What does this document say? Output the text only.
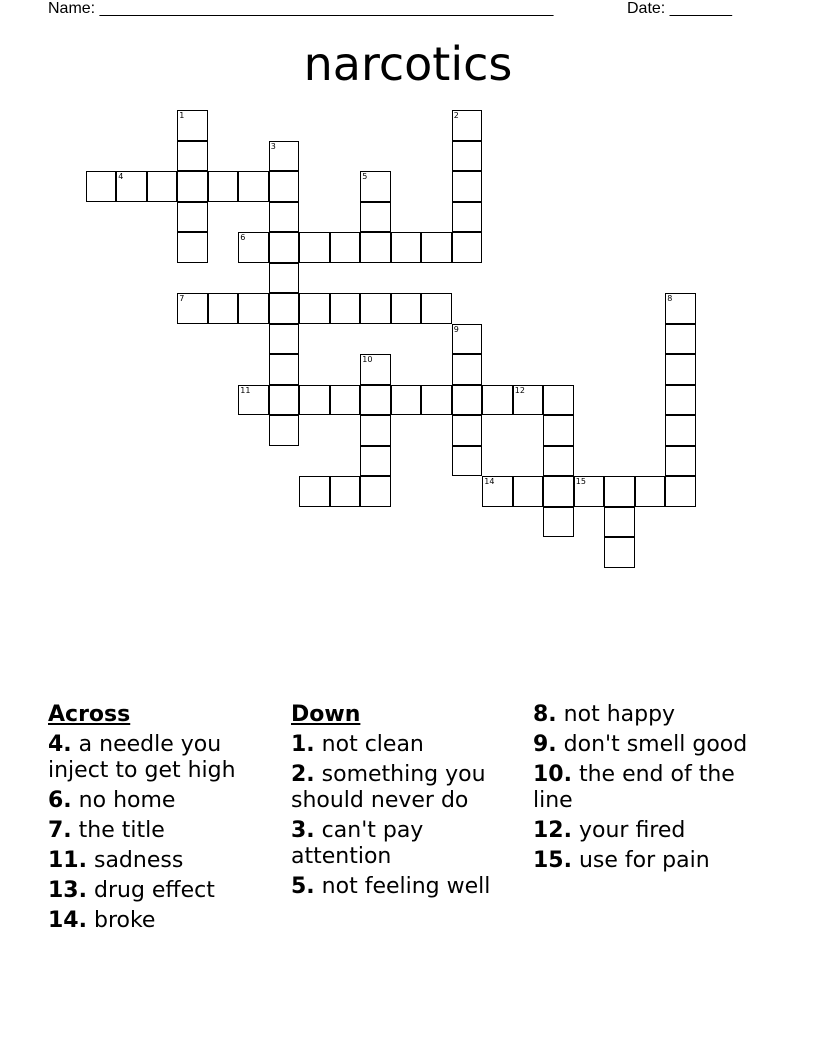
Name: ___________________________________________________	Date: _______
narcotics
1	2
3
4	5
6
7	8
9
10
11	12
14	15
Across
4. a needle you inject to get high
6. no home
7. the title
11. sadness
13. drug effect
14. broke
Down
1. not clean
2. something you should never do
3. can't pay attention
5. not feeling well
8. not happy
9. don't smell good
10. the end of the line
12. your fired
15. use for pain
